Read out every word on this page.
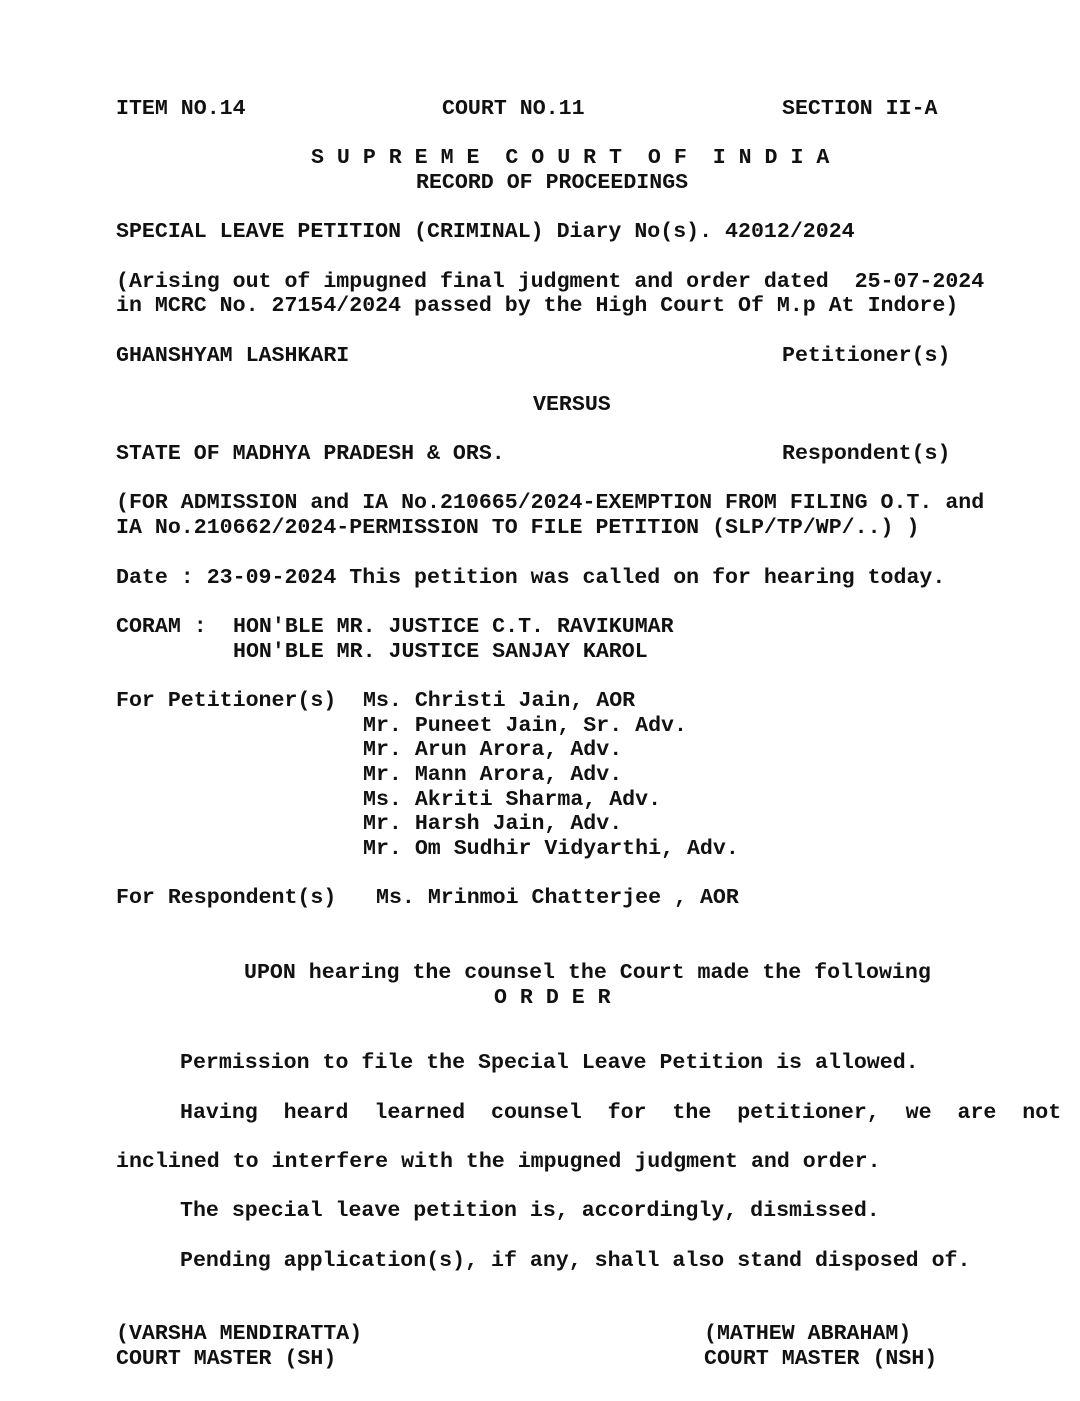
ITEM NO.14	COURT NO.11	SECTION II-A

S U P R E M E  C O U R T  O F  I N D I A

RECORD OF PROCEEDINGS

SPECIAL LEAVE PETITION (CRIMINAL) Diary No(s). 42012/2024

(Arising out of impugned final judgment and order dated  25-07-2024

in MCRC No. 27154/2024 passed by the High Court Of M.p At Indore)

GHANSHYAM LASHKARI	Petitioner(s)

VERSUS

STATE OF MADHYA PRADESH & ORS.	Respondent(s)

(FOR ADMISSION and IA No.210665/2024-EXEMPTION FROM FILING O.T. and

IA No.210662/2024-PERMISSION TO FILE PETITION (SLP/TP/WP/..) )

Date : 23-09-2024 This petition was called on for hearing today.

CORAM : HON'BLE MR. JUSTICE C.T. RAVIKUMAR

HON'BLE MR. JUSTICE SANJAY KAROL

For Petitioner(s) Ms. Christi Jain, AOR

Mr. Puneet Jain, Sr. Adv.

Mr. Arun Arora, Adv.

Mr. Mann Arora, Adv.

Ms. Akriti Sharma, Adv.

Mr. Harsh Jain, Adv.

Mr. Om Sudhir Vidyarthi, Adv.

For Respondent(s) Ms. Mrinmoi Chatterjee , AOR

UPON hearing the counsel the Court made the following

O R D E R

Permission to file the Special Leave Petition is allowed.

Having  heard  learned  counsel  for  the  petitioner,  we  are  not

inclined to interfere with the impugned judgment and order.

The special leave petition is, accordingly, dismissed.

Pending application(s), if any, shall also stand disposed of.

(VARSHA MENDIRATTA)

COURT MASTER (SH)

(MATHEW ABRAHAM)

COURT MASTER (NSH)
